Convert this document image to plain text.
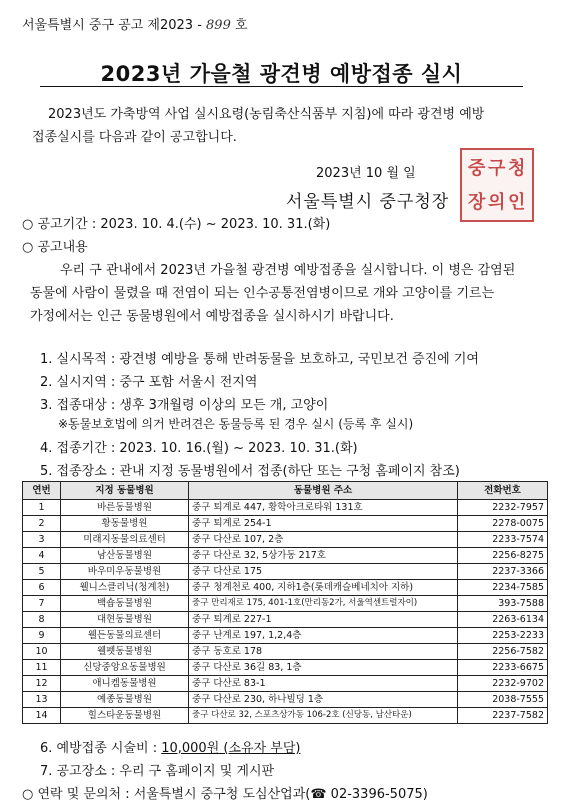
서울특별시 중구 공고 제2023 - 899 호
2023년 가을철 광견병 예방접종 실시
2023년도 가축방역 사업 실시요령(농림축산식품부 지침)에 따라 광견병 예방
접종실시를 다음과 같이 공고합니다.
2023년 10 월 일	중 구 청
장 의 인
서울특별시 중구청장
○ 공고기간 : 2023. 10. 4.(수) ~ 2023. 10. 31.(화)
○ 공고내용
우리 구 관내에서 2023년 가을철 광견병 예방접종을 실시합니다. 이 병은 감염된
동물에 사람이 물렸을 때 전염이 되는 인수공통전염병이므로 개와 고양이를 기르는
가정에서는 인근 동물병원에서 예방접종을 실시하시기 바랍니다.
1. 실시목적 : 광견병 예방을 통해 반려동물을 보호하고, 국민보건 증진에 기여
2. 실시지역 : 중구 포함 서울시 전지역
3. 접종대상 : 생후 3개월령 이상의 모든 개, 고양이
※동물보호법에 의거 반려견은 동물등록 된 경우 실시 (등록 후 실시)
4. 접종기간 : 2023. 10. 16.(월) ~ 2023. 10. 31.(화)
5. 접종장소 : 관내 지정 동물병원에서 접종(하단 또는 구청 홈페이지 참조)
연번	지정 동물병원	동물병원 주소	전화번호
1	바른동물병원	중구 퇴계로 447, 황학아크로타워 131호	2232-7957
2	황동물병원	중구 퇴계로 254-1	2278-0075
3	미래지동물의료센터	중구 다산로 107, 2층	2233-7574
4	남산동물병원	중구 다산로 32, 5상가동 217호	2256-8275
5	바우미우동물병원	중구 다산로 175	2237-3366
6	웰니스클리닉(청계천)	중구 청계천로 400, 지하1층(롯데캐슬베네치아 지하)	2234-7585
7	백숍동물병원	중구 만리재로 175, 401-1호(만리동2가, 서울역센트럴자이)	393-7588
8	대현동물병원	중구 퇴계로 227-1	2263-6134
9	웰든동물의료센터	중구 난계로 197, 1,2,4층	2253-2233
10	웰펫동물병원	중구 동호로 178	2256-7582
11	신당중앙요동물병원	중구 다산로 36길 83, 1층	2233-6675
12	애니켐동물병원	중구 다산로 83-1	2232-9702
13	예종동물병원	중구 다산로 230, 하나빌딩 1층	2038-7555
14	힐스타운동물병원	중구 다산로 32, 스포츠상가동 106-2호 (신당동, 남산타운)	2237-7582
6. 예방접종 시술비 : 10,000원 (소유자 부담)
7. 공고장소 : 우리 구 홈페이지 및 게시판
○ 연락 및 문의처 : 서울특별시 중구청 도심산업과(☎ 02-3396-5075)
